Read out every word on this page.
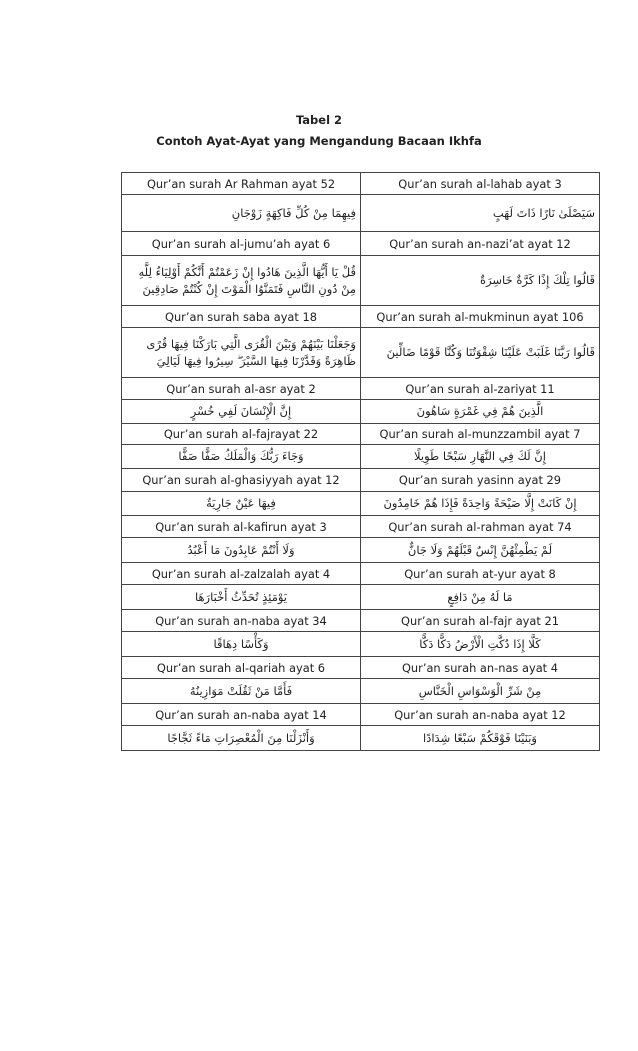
Tabel 2
Contoh Ayat-Ayat yang Mengandung Bacaan Ikhfa
Qur’an surah Ar Rahman ayat 52	Qur’an surah al-lahab ayat 3
فِيهِمَا مِنْ كُلِّ فَاكِهَةٍ زَوْجَانِ	سَيَصْلَىٰ نَارًا ذَاتَ لَهَبٍ
Qur’an surah al-jumu’ah ayat 6	Qur’an surah an-nazi’at ayat 12
قُلْ يَا أَيُّهَا الَّذِينَ هَادُوا إِنْ زَعَمْتُمْ أَنَّكُمْ أَوْلِيَاءُ لِلَّهِ مِنْ دُونِ النَّاسِ فَتَمَنَّوُا الْمَوْتَ إِنْ كُنْتُمْ صَادِقِينَ	قَالُوا تِلْكَ إِذًا كَرَّةٌ خَاسِرَةٌ
Qur’an surah saba ayat 18	Qur’an surah al-mukminun ayat 106
وَجَعَلْنَا بَيْنَهُمْ وَبَيْنَ الْقُرَى الَّتِي بَارَكْنَا فِيهَا قُرًى ظَاهِرَةً وَقَدَّرْنَا فِيهَا السَّيْرَ ۖ سِيرُوا فِيهَا لَيَالِيَ	قَالُوا رَبَّنَا غَلَبَتْ عَلَيْنَا شِقْوَتُنَا وَكُنَّا قَوْمًا ضَالِّينَ
Qur’an surah al-asr ayat 2	Qur’an surah al-zariyat 11
إِنَّ الْإِنْسَانَ لَفِي خُسْرٍ	الَّذِينَ هُمْ فِي غَمْرَةٍ سَاهُونَ
Qur’an surah al-fajrayat 22	Qur’an surah al-munzzambil ayat 7
وَجَاءَ رَبُّكَ وَالْمَلَكُ صَفًّا صَفًّا	إِنَّ لَكَ فِي النَّهَارِ سَبْحًا طَوِيلًا
Qur’an surah al-ghasiyyah ayat 12	Qur’an surah yasinn ayat 29
فِيهَا عَيْنٌ جَارِيَةٌ	إِنْ كَانَتْ إِلَّا صَيْحَةً وَاحِدَةً فَإِذَا هُمْ خَامِدُونَ
Qur’an surah al-kafirun ayat 3	Qur’an surah al-rahman ayat 74
وَلَا أَنْتُمْ عَابِدُونَ مَا أَعْبُدُ	لَمْ يَطْمِثْهُنَّ إِنْسٌ قَبْلَهُمْ وَلَا جَانٌّ
Qur’an surah al-zalzalah ayat 4	Qur’an surah at-yur ayat 8
يَوْمَئِذٍ تُحَدِّثُ أَخْبَارَهَا	مَا لَهُ مِنْ دَافِعٍ
Qur’an surah an-naba ayat 34	Qur’an surah al-fajr ayat 21
وَكَأْسًا دِهَاقًا	كَلَّا إِذَا دُكَّتِ الْأَرْضُ دَكًّا دَكًّا
Qur’an surah al-qariah ayat 6	Qur’an surah an-nas ayat 4
فَأَمَّا مَنْ ثَقُلَتْ مَوَازِينُهُ	مِنْ شَرِّ الْوَسْوَاسِ الْخَنَّاسِ
Qur’an surah an-naba ayat 14	Qur’an surah an-naba ayat 12
وَأَنْزَلْنَا مِنَ الْمُعْصِرَاتِ مَاءً ثَجَّاجًا	وَبَنَيْنَا فَوْقَكُمْ سَبْعًا شِدَادًا
